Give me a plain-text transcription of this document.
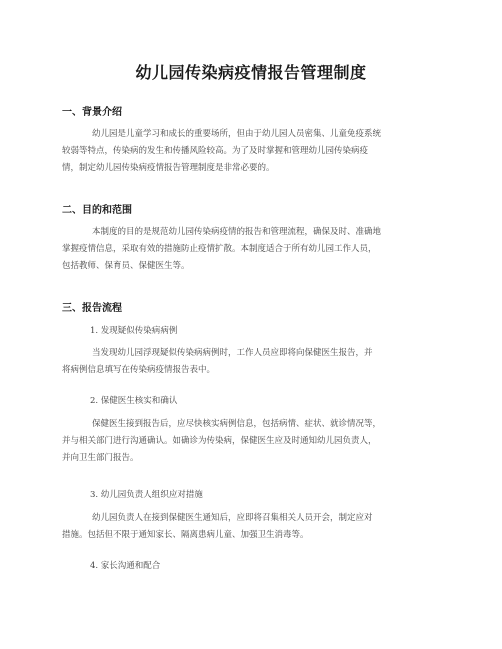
幼儿园传染病疫情报告管理制度
一、背景介绍
幼儿园是儿童学习和成长的重要场所，但由于幼儿园人员密集、儿童免疫系统
较弱等特点，传染病的发生和传播风险较高。为了及时掌握和管理幼儿园传染病疫
情，制定幼儿园传染病疫情报告管理制度是非常必要的。
二、目的和范围
本制度的目的是规范幼儿园传染病疫情的报告和管理流程，确保及时、准确地
掌握疫情信息，采取有效的措施防止疫情扩散。本制度适合于所有幼儿园工作人员，
包括教师、保育员、保健医生等。
三、报告流程
1. 发现疑似传染病病例
当发现幼儿园浮现疑似传染病病例时，工作人员应即将向保健医生报告，并
将病例信息填写在传染病疫情报告表中。
2. 保健医生核实和确认
保健医生接到报告后，应尽快核实病例信息，包括病情、症状、就诊情况等，
并与相关部门进行沟通确认。如确诊为传染病，保健医生应及时通知幼儿园负责人，
并向卫生部门报告。
3. 幼儿园负责人组织应对措施
幼儿园负责人在接到保健医生通知后，应即将召集相关人员开会，制定应对
措施。包括但不限于通知家长、隔离患病儿童、加强卫生消毒等。
4. 家长沟通和配合
